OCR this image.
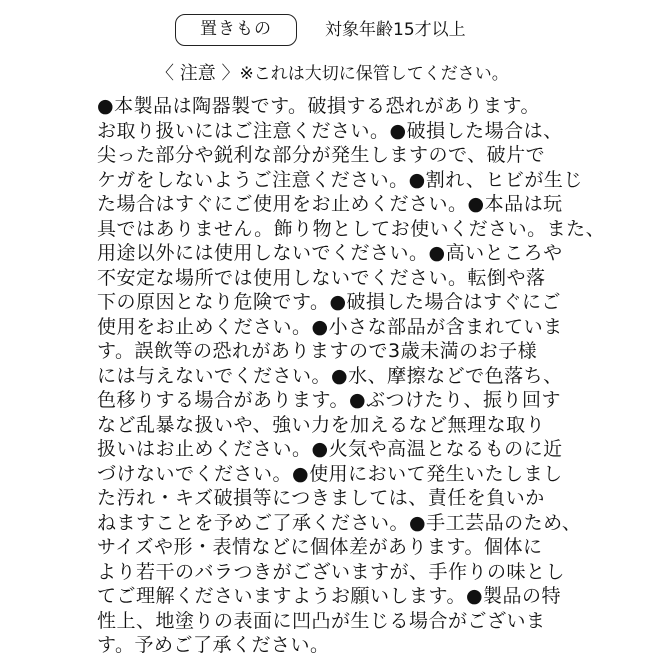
置きもの	対象年齢15才以上
〈 注意 〉※これは大切に保管してください。
●本製品は陶器製です。破損する恐れがあります。
お取り扱いにはご注意ください。●破損した場合は、
尖った部分や鋭利な部分が発生しますので、破片で
ケガをしないようご注意ください。●割れ、ヒビが生じ
た場合はすぐにご使用をお止めください。●本品は玩
具ではありません。飾り物としてお使いください。また、
用途以外には使用しないでください。●高いところや
不安定な場所では使用しないでください。転倒や落
下の原因となり危険です。●破損した場合はすぐにご
使用をお止めください。●小さな部品が含まれていま
す。誤飲等の恐れがありますので3歳未満のお子様
には与えないでください。●水、摩擦などで色落ち、
色移りする場合があります。●ぶつけたり、振り回す
など乱暴な扱いや、強い力を加えるなど無理な取り
扱いはお止めください。●火気や高温となるものに近
づけないでください。●使用において発生いたしまし
た汚れ・キズ破損等につきましては、責任を負いか
ねますことを予めご了承ください。●手工芸品のため、
サイズや形・表情などに個体差があります。個体に
より若干のバラつきがございますが、手作りの味とし
てご理解くださいますようお願いします。●製品の特
性上、地塗りの表面に凹凸が生じる場合がございま
す。予めご了承ください。
